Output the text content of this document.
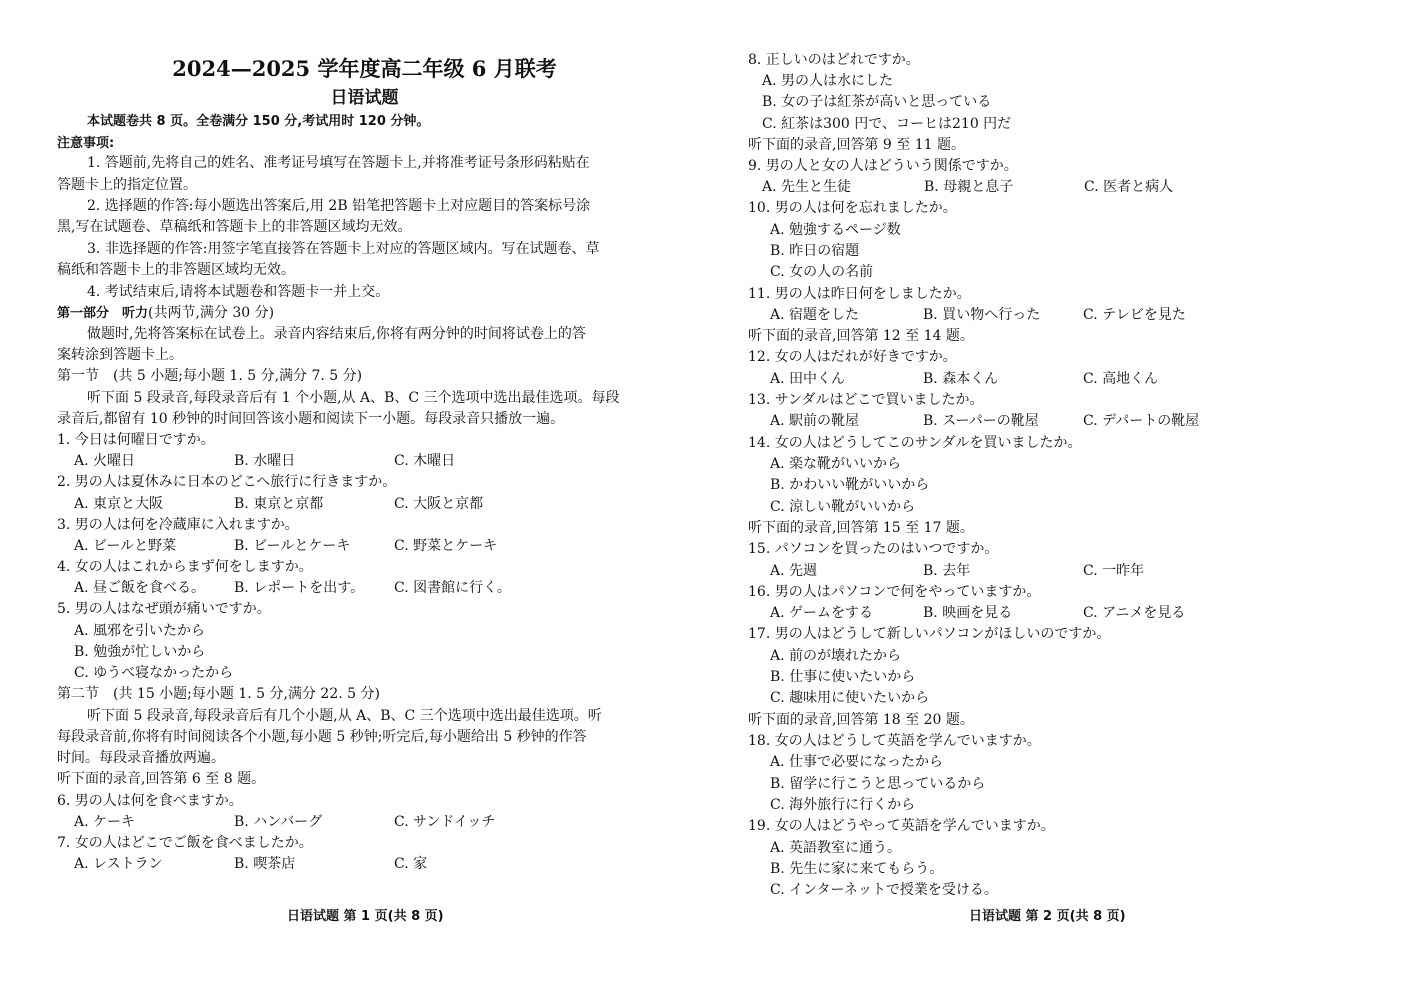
2024—2025 学年度高二年级 6 月联考
日语试题
本试题卷共 8 页。全卷满分 150 分,考试用时 120 分钟。
注意事项:
1. 答题前,先将自己的姓名、准考证号填写在答题卡上,并将准考证号条形码粘贴在
答题卡上的指定位置。
2. 选择题的作答:每小题选出答案后,用 2B 铅笔把答题卡上对应题目的答案标号涂
黑,写在试题卷、草稿纸和答题卡上的非答题区域均无效。
3. 非选择题的作答:用签字笔直接答在答题卡上对应的答题区域内。写在试题卷、草
稿纸和答题卡上的非答题区域均无效。
4. 考试结束后,请将本试题卷和答题卡一并上交。
第一部分　听力(共两节,满分 30 分)
做题时,先将答案标在试卷上。录音内容结束后,你将有两分钟的时间将试卷上的答
案转涂到答题卡上。
第一节　(共 5 小题;每小题 1. 5 分,满分 7. 5 分)
听下面 5 段录音,每段录音后有 1 个小题,从 A、B、C 三个选项中选出最佳选项。每段
录音后,都留有 10 秒钟的时间回答该小题和阅读下一小题。每段录音只播放一遍。
1. 今日は何曜日ですか。
A. 火曜日	B. 水曜日	C. 木曜日
2. 男の人は夏休みに日本のどこへ旅行に行きますか。
A. 東京と大阪	B. 東京と京都	C. 大阪と京都
3. 男の人は何を冷蔵庫に入れますか。
A. ビールと野菜	B. ビールとケーキ	C. 野菜とケーキ
4. 女の人はこれからまず何をしますか。
A. 昼ご飯を食べる。	B. レポートを出す。	C. 図書館に行く。
5. 男の人はなぜ頭が痛いですか。
A. 風邪を引いたから
B. 勉強が忙しいから
C. ゆうべ寝なかったから
第二节　(共 15 小题;每小题 1. 5 分,满分 22. 5 分)
听下面 5 段录音,每段录音后有几个小题,从 A、B、C 三个选项中选出最佳选项。听
每段录音前,你将有时间阅读各个小题,每小题 5 秒钟;听完后,每小题给出 5 秒钟的作答
时间。每段录音播放两遍。
听下面的录音,回答第 6 至 8 题。
6. 男の人は何を食べますか。
A. ケーキ	B. ハンバーグ	C. サンドイッチ
7. 女の人はどこでご飯を食べましたか。
A. レストラン	B. 喫茶店	C. 家
日语试题 第 1 页(共 8 页)
8. 正しいのはどれですか。
A. 男の人は水にした
B. 女の子は紅茶が高いと思っている
C. 紅茶は300 円で、コーヒは210 円だ
听下面的录音,回答第 9 至 11 题。
9. 男の人と女の人はどういう関係ですか。
A. 先生と生徒	B. 母親と息子	C. 医者と病人
10. 男の人は何を忘れましたか。
A. 勉強するページ数
B. 昨日の宿題
C. 女の人の名前
11. 男の人は昨日何をしましたか。
A. 宿題をした	B. 買い物へ行った	C. テレビを見た
听下面的录音,回答第 12 至 14 题。
12. 女の人はだれが好きですか。
A. 田中くん	B. 森本くん	C. 高地くん
13. サンダルはどこで買いましたか。
A. 駅前の靴屋	B. スーパーの靴屋	C. デパートの靴屋
14. 女の人はどうしてこのサンダルを買いましたか。
A. 楽な靴がいいから
B. かわいい靴がいいから
C. 涼しい靴がいいから
听下面的录音,回答第 15 至 17 题。
15. パソコンを買ったのはいつですか。
A. 先週	B. 去年	C. 一昨年
16. 男の人はパソコンで何をやっていますか。
A. ゲームをする	B. 映画を見る	C. アニメを見る
17. 男の人はどうして新しいパソコンがほしいのですか。
A. 前のが壊れたから
B. 仕事に使いたいから
C. 趣味用に使いたいから
听下面的录音,回答第 18 至 20 题。
18. 女の人はどうして英語を学んでいますか。
A. 仕事で必要になったから
B. 留学に行こうと思っているから
C. 海外旅行に行くから
19. 女の人はどうやって英語を学んでいますか。
A. 英語教室に通う。
B. 先生に家に来てもらう。
C. インターネットで授業を受ける。
日语试题 第 2 页(共 8 页)
